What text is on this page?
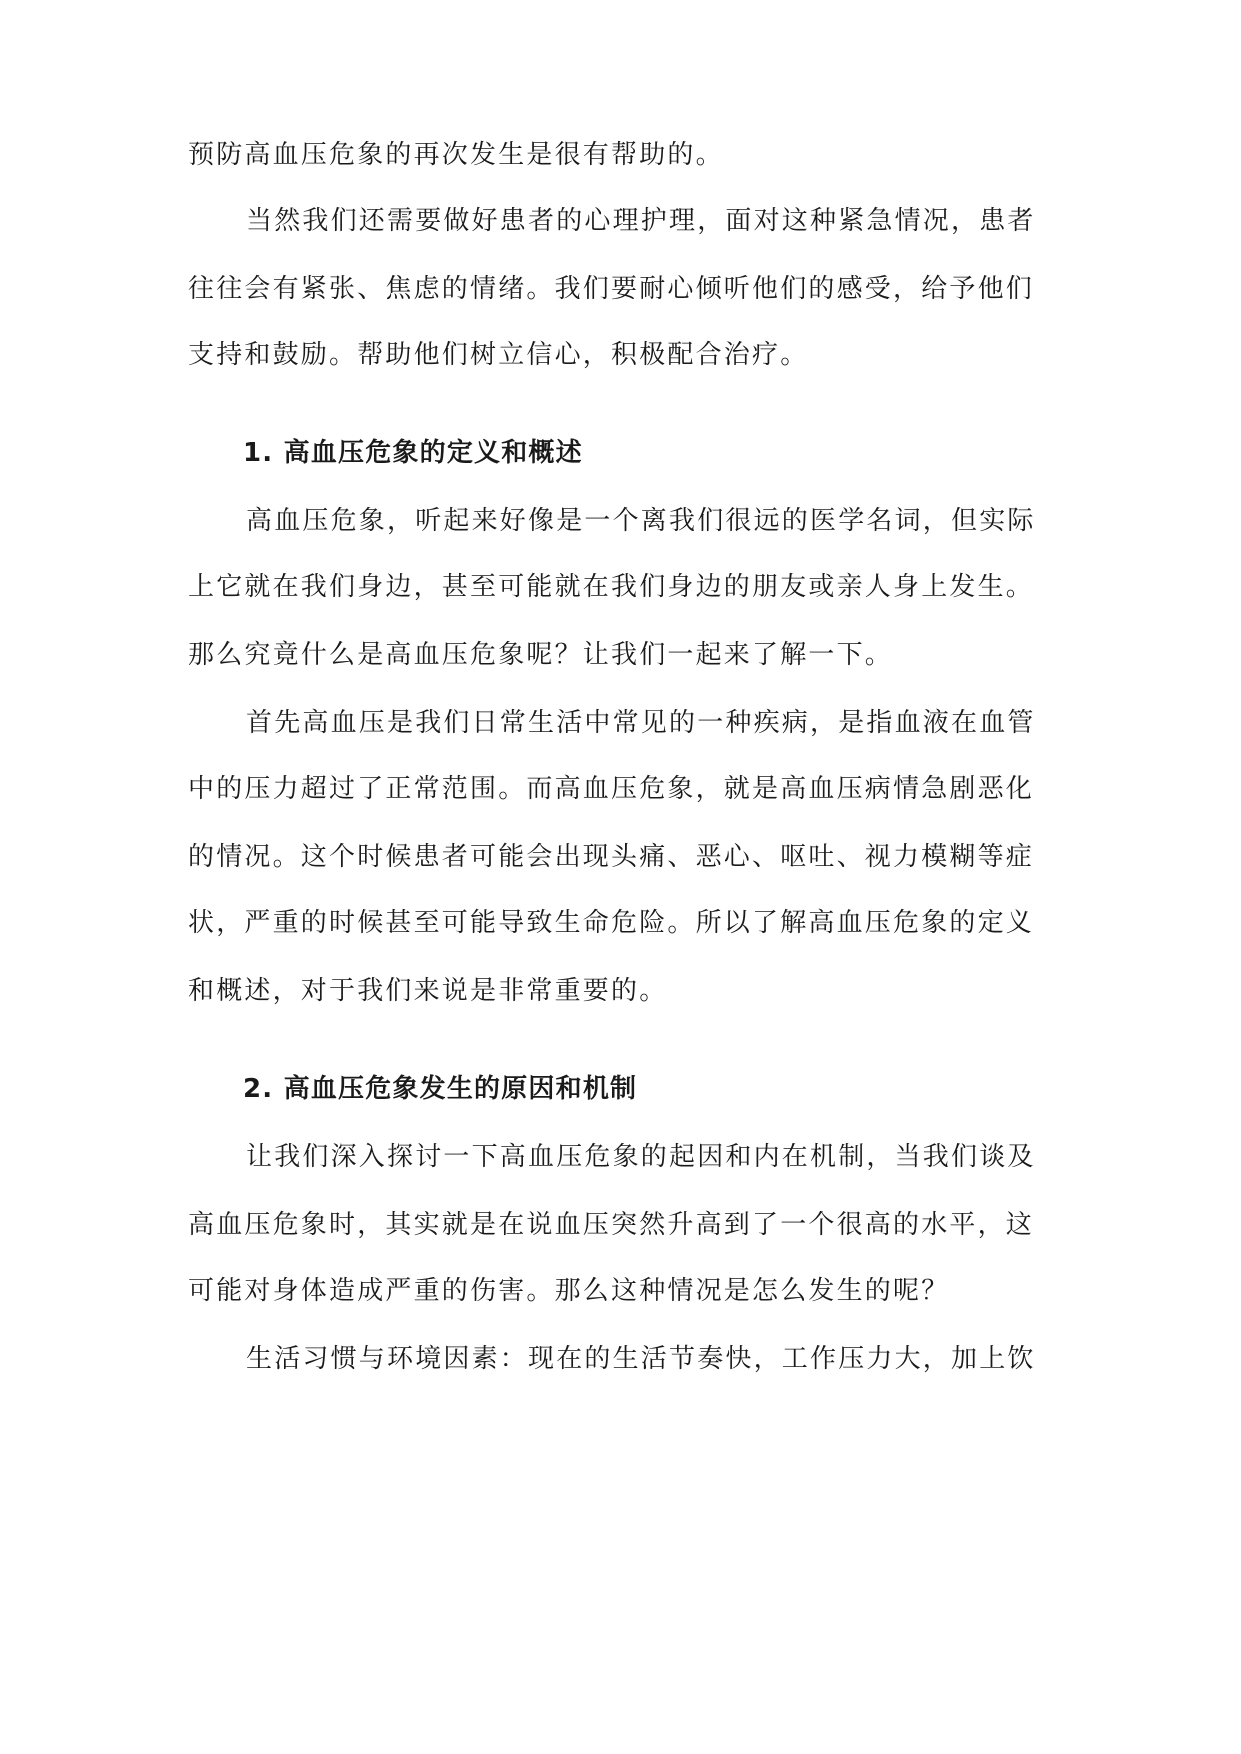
预防高血压危象的再次发生是很有帮助的。
当然我们还需要做好患者的心理护理，面对这种紧急情况，患者
往往会有紧张、焦虑的情绪。我们要耐心倾听他们的感受，给予他们
支持和鼓励。帮助他们树立信心，积极配合治疗。
1. 高血压危象的定义和概述
高血压危象，听起来好像是一个离我们很远的医学名词，但实际
上它就在我们身边，甚至可能就在我们身边的朋友或亲人身上发生。
那么究竟什么是高血压危象呢？让我们一起来了解一下。
首先高血压是我们日常生活中常见的一种疾病，是指血液在血管
中的压力超过了正常范围。而高血压危象，就是高血压病情急剧恶化
的情况。这个时候患者可能会出现头痛、恶心、呕吐、视力模糊等症
状，严重的时候甚至可能导致生命危险。所以了解高血压危象的定义
和概述，对于我们来说是非常重要的。
2. 高血压危象发生的原因和机制
让我们深入探讨一下高血压危象的起因和内在机制，当我们谈及
高血压危象时，其实就是在说血压突然升高到了一个很高的水平，这
可能对身体造成严重的伤害。那么这种情况是怎么发生的呢？
生活习惯与环境因素：现在的生活节奏快，工作压力大，加上饮
